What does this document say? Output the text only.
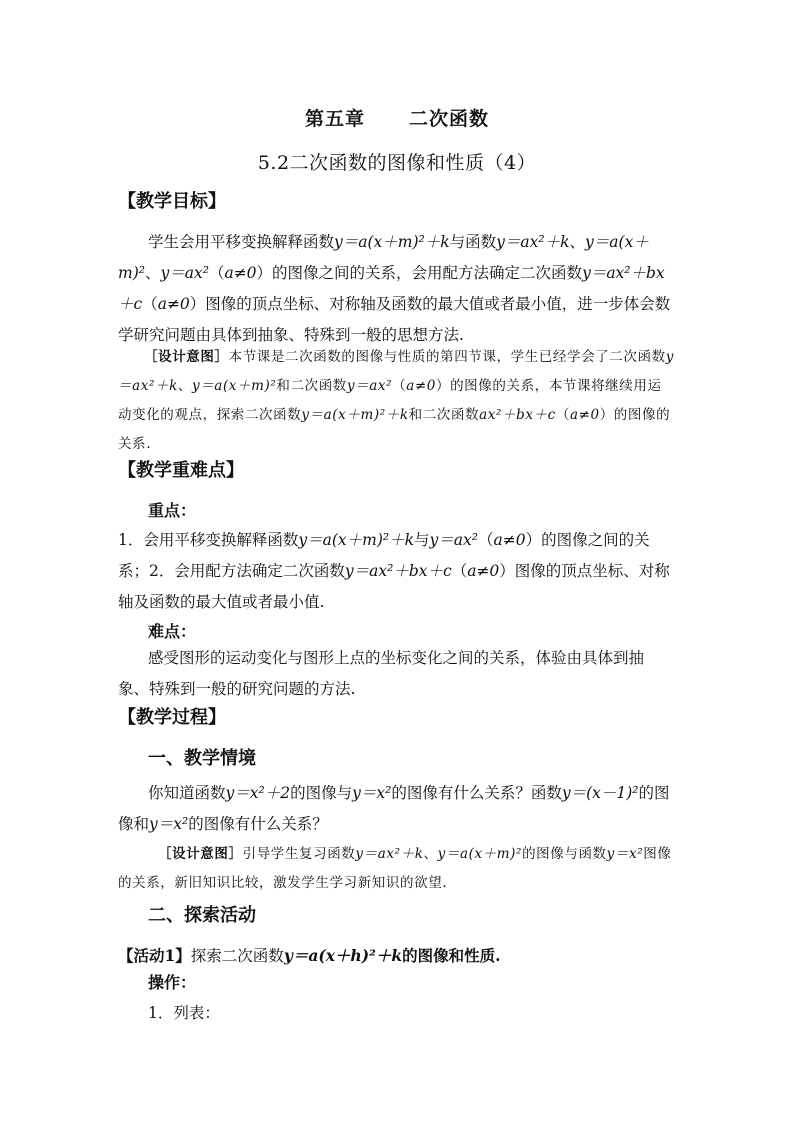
第五章 二次函数
5.2二次函数的图像和性质（4）
【教学目标】
学生会用平移变换解释函数y＝a(x＋m)²＋k与函数y＝ax²＋k、y＝a(x＋m)²、y＝ax²（a≠0）的图像之间的关系，会用配方法确定二次函数y＝ax²＋bx＋c（a≠0）图像的顶点坐标、对称轴及函数的最大值或者最小值，进一步体会数学研究问题由具体到抽象、特殊到一般的思想方法.
［设计意图］本节课是二次函数的图像与性质的第四节课，学生已经学会了二次函数y＝ax²＋k、y＝a(x＋m)²和二次函数y＝ax²（a≠0）的图像的关系，本节课将继续用运动变化的观点，探索二次函数y＝a(x＋m)²＋k和二次函数ax²＋bx＋c（a≠0）的图像的关系.
【教学重难点】
重点：
1．会用平移变换解释函数y＝a(x＋m)²＋k与y＝ax²（a≠0）的图像之间的关系；2．会用配方法确定二次函数y＝ax²＋bx＋c（a≠0）图像的顶点坐标、对称轴及函数的最大值或者最小值.
难点：
感受图形的运动变化与图形上点的坐标变化之间的关系，体验由具体到抽象、特殊到一般的研究问题的方法.
【教学过程】
一、教学情境
你知道函数y＝x²＋2的图像与y＝x²的图像有什么关系？函数y＝(x－1)²的图像和y＝x²的图像有什么关系？
［设计意图］引导学生复习函数y＝ax²＋k、y＝a(x＋m)²的图像与函数y＝x²图像的关系，新旧知识比较，激发学生学习新知识的欲望.
二、探索活动
【活动1】探索二次函数y＝a(x＋h)²＋k的图像和性质.
操作：
1．列表：
